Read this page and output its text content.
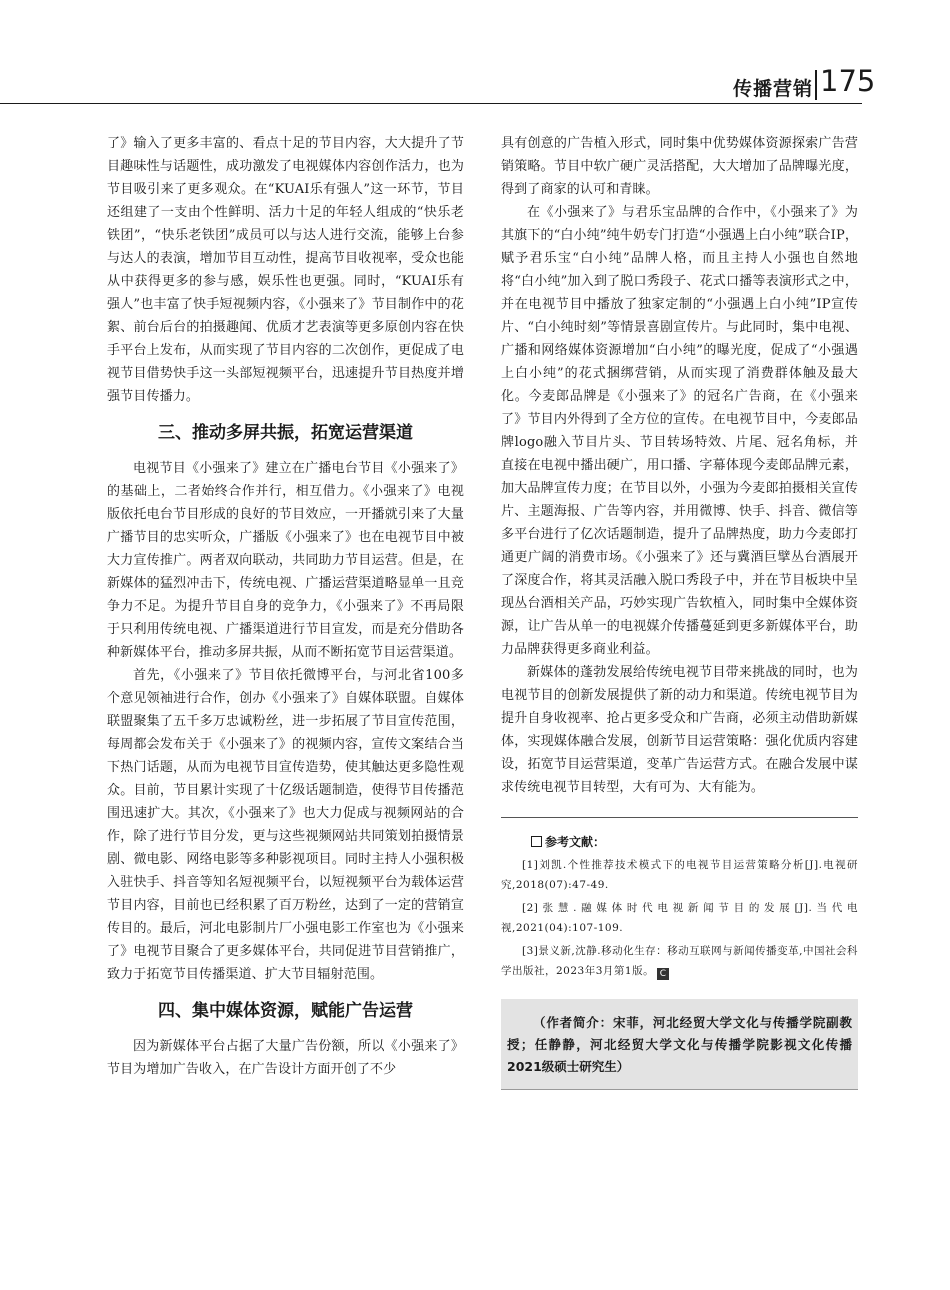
传播营销 175

了》输入了更多丰富的、看点十足的节目内容，大大提升了节目趣味性与话题性，成功激发了电视媒体内容创作活力，也为节目吸引来了更多观众。在“KUAI乐有强人”这一环节，节目还组建了一支由个性鲜明、活力十足的年轻人组成的“快乐老铁团”，“快乐老铁团”成员可以与达人进行交流，能够上台参与达人的表演，增加节目互动性，提高节目收视率，受众也能从中获得更多的参与感，娱乐性也更强。同时，“KUAI乐有强人”也丰富了快手短视频内容，《小强来了》节目制作中的花絮、前台后台的拍摄趣闻、优质才艺表演等更多原创内容在快手平台上发布，从而实现了节目内容的二次创作，更促成了电视节目借势快手这一头部短视频平台，迅速提升节目热度并增强节目传播力。

三、推动多屏共振，拓宽运营渠道

电视节目《小强来了》建立在广播电台节目《小强来了》的基础上，二者始终合作并行，相互借力。《小强来了》电视版依托电台节目形成的良好的节目效应，一开播就引来了大量广播节目的忠实听众，广播版《小强来了》也在电视节目中被大力宣传推广。两者双向联动，共同助力节目运营。但是，在新媒体的猛烈冲击下，传统电视、广播运营渠道略显单一且竞争力不足。为提升节目自身的竞争力，《小强来了》不再局限于只利用传统电视、广播渠道进行节目宣发，而是充分借助各种新媒体平台，推动多屏共振，从而不断拓宽节目运营渠道。

首先，《小强来了》节目依托微博平台，与河北省100多个意见领袖进行合作，创办《小强来了》自媒体联盟。自媒体联盟聚集了五千多万忠诚粉丝，进一步拓展了节目宣传范围，每周都会发布关于《小强来了》的视频内容，宣传文案结合当下热门话题，从而为电视节目宣传造势，使其触达更多隐性观众。目前，节目累计实现了十亿级话题制造，使得节目传播范围迅速扩大。其次，《小强来了》也大力促成与视频网站的合作，除了进行节目分发，更与这些视频网站共同策划拍摄情景剧、微电影、网络电影等多种影视项目。同时主持人小强积极入驻快手、抖音等知名短视频平台，以短视频平台为载体运营节目内容，目前也已经积累了百万粉丝，达到了一定的营销宣传目的。最后，河北电影制片厂小强电影工作室也为《小强来了》电视节目聚合了更多媒体平台，共同促进节目营销推广，致力于拓宽节目传播渠道、扩大节目辐射范围。

四、集中媒体资源，赋能广告运营

因为新媒体平台占据了大量广告份额，所以《小强来了》节目为增加广告收入，在广告设计方面开创了不少

具有创意的广告植入形式，同时集中优势媒体资源探索广告营销策略。节目中软广硬广灵活搭配，大大增加了品牌曝光度，得到了商家的认可和青睐。

在《小强来了》与君乐宝品牌的合作中，《小强来了》为其旗下的“白小纯”纯牛奶专门打造“小强遇上白小纯”联合IP，赋予君乐宝“白小纯”品牌人格，而且主持人小强也自然地将“白小纯”加入到了脱口秀段子、花式口播等表演形式之中，并在电视节目中播放了独家定制的“小强遇上白小纯”IP宣传片、“白小纯时刻”等情景喜剧宣传片。与此同时，集中电视、广播和网络媒体资源增加“白小纯”的曝光度，促成了“小强遇上白小纯”的花式捆绑营销，从而实现了消费群体触及最大化。今麦郎品牌是《小强来了》的冠名广告商，在《小强来了》节目内外得到了全方位的宣传。在电视节目中，今麦郎品牌logo融入节目片头、节目转场特效、片尾、冠名角标，并直接在电视中播出硬广，用口播、字幕体现今麦郎品牌元素，加大品牌宣传力度；在节目以外，小强为今麦郎拍摄相关宣传片、主题海报、广告等内容，并用微博、快手、抖音、微信等多平台进行了亿次话题制造，提升了品牌热度，助力今麦郎打通更广阔的消费市场。《小强来了》还与冀酒巨擘丛台酒展开了深度合作，将其灵活融入脱口秀段子中，并在节目板块中呈现丛台酒相关产品，巧妙实现广告软植入，同时集中全媒体资源，让广告从单一的电视媒介传播蔓延到更多新媒体平台，助力品牌获得更多商业利益。

新媒体的蓬勃发展给传统电视节目带来挑战的同时，也为电视节目的创新发展提供了新的动力和渠道。传统电视节目为提升自身收视率、抢占更多受众和广告商，必须主动借助新媒体，实现媒体融合发展，创新节目运营策略：强化优质内容建设，拓宽节目运营渠道，变革广告运营方式。在融合发展中谋求传统电视节目转型，大有可为、大有能为。

参考文献：

[1]刘凯.个性推荐技术模式下的电视节目运营策略分析[J].电视研究,2018(07):47-49.

[2]张慧.融媒体时代电视新闻节目的发展[J].当代电视,2021(04):107-109.

[3]景义新,沈静.移动化生存：移动互联网与新闻传播变革,中国社会科学出版社，2023年3月第1版。 C

（作者简介：宋菲，河北经贸大学文化与传播学院副教授；任静静，河北经贸大学文化与传播学院影视文化传播2021级硕士研究生）
